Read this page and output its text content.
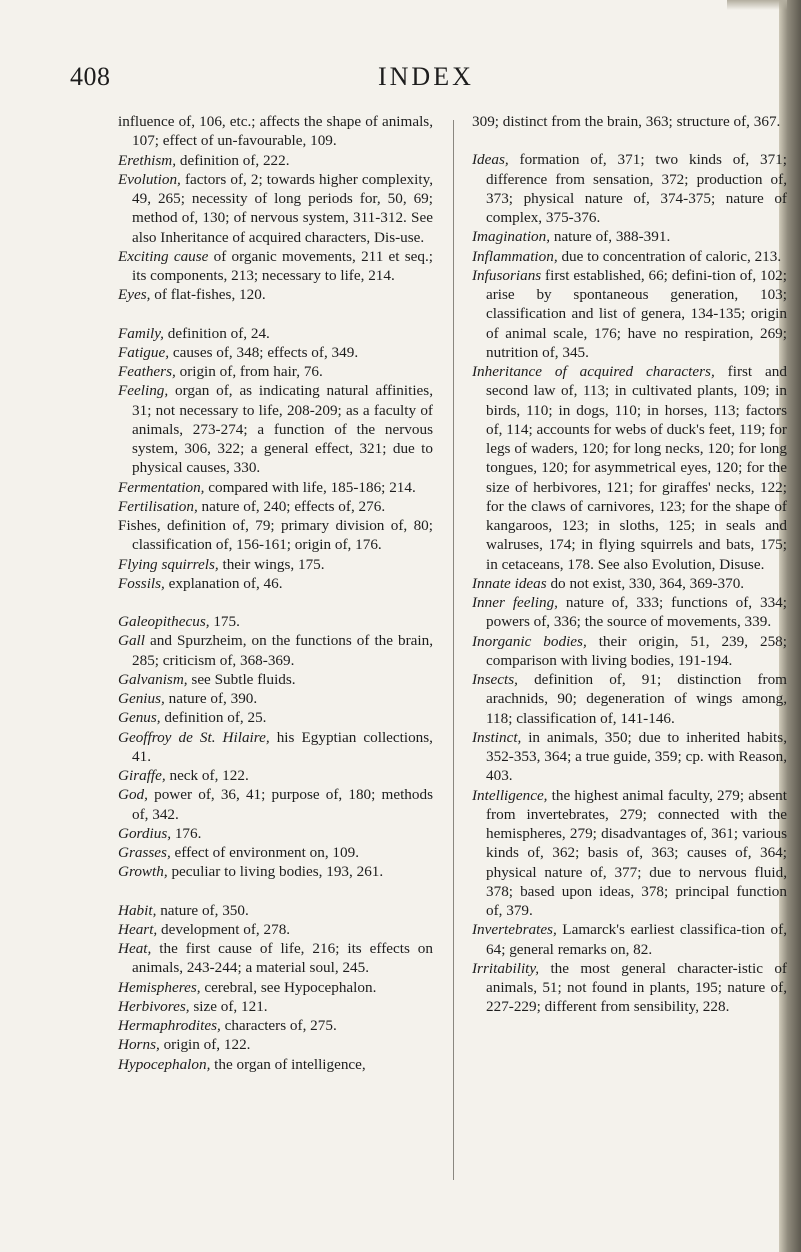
408	INDEX

influence of, 106, etc.; affects the shape of animals, 107; effect of un-favourable, 109.

Erethism, definition of, 222.

Evolution, factors of, 2; towards higher complexity, 49, 265; necessity of long periods for, 50, 69; method of, 130; of nervous system, 311-312. See also Inheritance of acquired characters, Dis-use.

Exciting cause of organic movements, 211 et seq.; its components, 213; necessary to life, 214.

Eyes, of flat-fishes, 120.

Family, definition of, 24.

Fatigue, causes of, 348; effects of, 349.

Feathers, origin of, from hair, 76.

Feeling, organ of, as indicating natural affinities, 31; not necessary to life, 208-209; as a faculty of animals, 273-274; a function of the nervous system, 306, 322; a general effect, 321; due to physical causes, 330.

Fermentation, compared with life, 185-186; 214.

Fertilisation, nature of, 240; effects of, 276.

Fishes, definition of, 79; primary division of, 80; classification of, 156-161; origin of, 176.

Flying squirrels, their wings, 175.

Fossils, explanation of, 46.

Galeopithecus, 175.

Gall and Spurzheim, on the functions of the brain, 285; criticism of, 368-369.

Galvanism, see Subtle fluids.

Genius, nature of, 390.

Genus, definition of, 25.

Geoffroy de St. Hilaire, his Egyptian collections, 41.

Giraffe, neck of, 122.

God, power of, 36, 41; purpose of, 180; methods of, 342.

Gordius, 176.

Grasses, effect of environment on, 109.

Growth, peculiar to living bodies, 193, 261.

Habit, nature of, 350.

Heart, development of, 278.

Heat, the first cause of life, 216; its effects on animals, 243-244; a material soul, 245.

Hemispheres, cerebral, see Hypocephalon.

Herbivores, size of, 121.

Hermaphrodites, characters of, 275.

Horns, origin of, 122.

Hypocephalon, the organ of intelligence,

309; distinct from the brain, 363; structure of, 367.

Ideas, formation of, 371; two kinds of, 371; difference from sensation, 372; production of, 373; physical nature of, 374-375; nature of complex, 375-376.

Imagination, nature of, 388-391.

Inflammation, due to concentration of caloric, 213.

Infusorians first established, 66; defini-tion of, 102; arise by spontaneous generation, 103; classification and list of genera, 134-135; origin of animal scale, 176; have no respiration, 269; nutrition of, 345.

Inheritance of acquired characters, first and second law of, 113; in cultivated plants, 109; in birds, 110; in dogs, 110; in horses, 113; factors of, 114; accounts for webs of duck's feet, 119; for legs of waders, 120; for long necks, 120; for long tongues, 120; for asymmetrical eyes, 120; for the size of herbivores, 121; for giraffes' necks, 122; for the claws of carnivores, 123; for the shape of kangaroos, 123; in sloths, 125; in seals and walruses, 174; in flying squirrels and bats, 175; in cetaceans, 178. See also Evolution, Disuse.

Innate ideas do not exist, 330, 364, 369-370.

Inner feeling, nature of, 333; functions of, 334; powers of, 336; the source of movements, 339.

Inorganic bodies, their origin, 51, 239, 258; comparison with living bodies, 191-194.

Insects, definition of, 91; distinction from arachnids, 90; degeneration of wings among, 118; classification of, 141-146.

Instinct, in animals, 350; due to inherited habits, 352-353, 364; a true guide, 359; cp. with Reason, 403.

Intelligence, the highest animal faculty, 279; absent from invertebrates, 279; connected with the hemispheres, 279; disadvantages of, 361; various kinds of, 362; basis of, 363; causes of, 364; physical nature of, 377; due to nervous fluid, 378; based upon ideas, 378; principal function of, 379.

Invertebrates, Lamarck's earliest classifica-tion of, 64; general remarks on, 82.

Irritability, the most general character-istic of animals, 51; not found in plants, 195; nature of, 227-229; different from sensibility, 228.
